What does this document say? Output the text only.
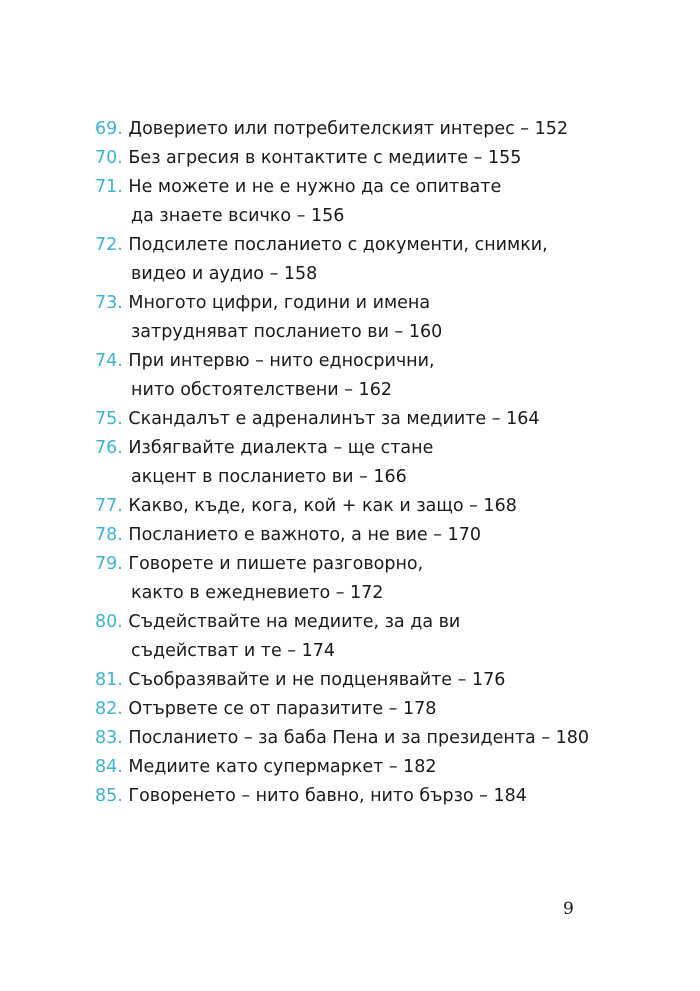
69. Доверието или потребителският интерес – 152
70. Без агресия в контактите с медиите – 155
71. Не можете и не е нужно да се опитвате
да знаете всичко – 156
72. Подсилете посланието с документи, снимки,
видео и аудио – 158
73. Многото цифри, години и имена
затрудняват посланието ви – 160
74. При интервю – нито едносрични,
нито обстоятелствени – 162
75. Скандалът е адреналинът за медиите – 164
76. Избягвайте диалекта – ще стане
акцент в посланието ви – 166
77. Какво, къде, кога, кой + как и защо – 168
78. Посланието е важното, а не вие – 170
79. Говорете и пишете разговорно,
както в ежедневието – 172
80. Съдействайте на медиите, за да ви
съдействат и те – 174
81. Съобразявайте и не подценявайте – 176
82. Отървете се от паразитите – 178
83. Посланието – за баба Пена и за президента – 180
84. Медиите като супермаркет – 182
85. Говоренето – нито бавно, нито бързо – 184
9
